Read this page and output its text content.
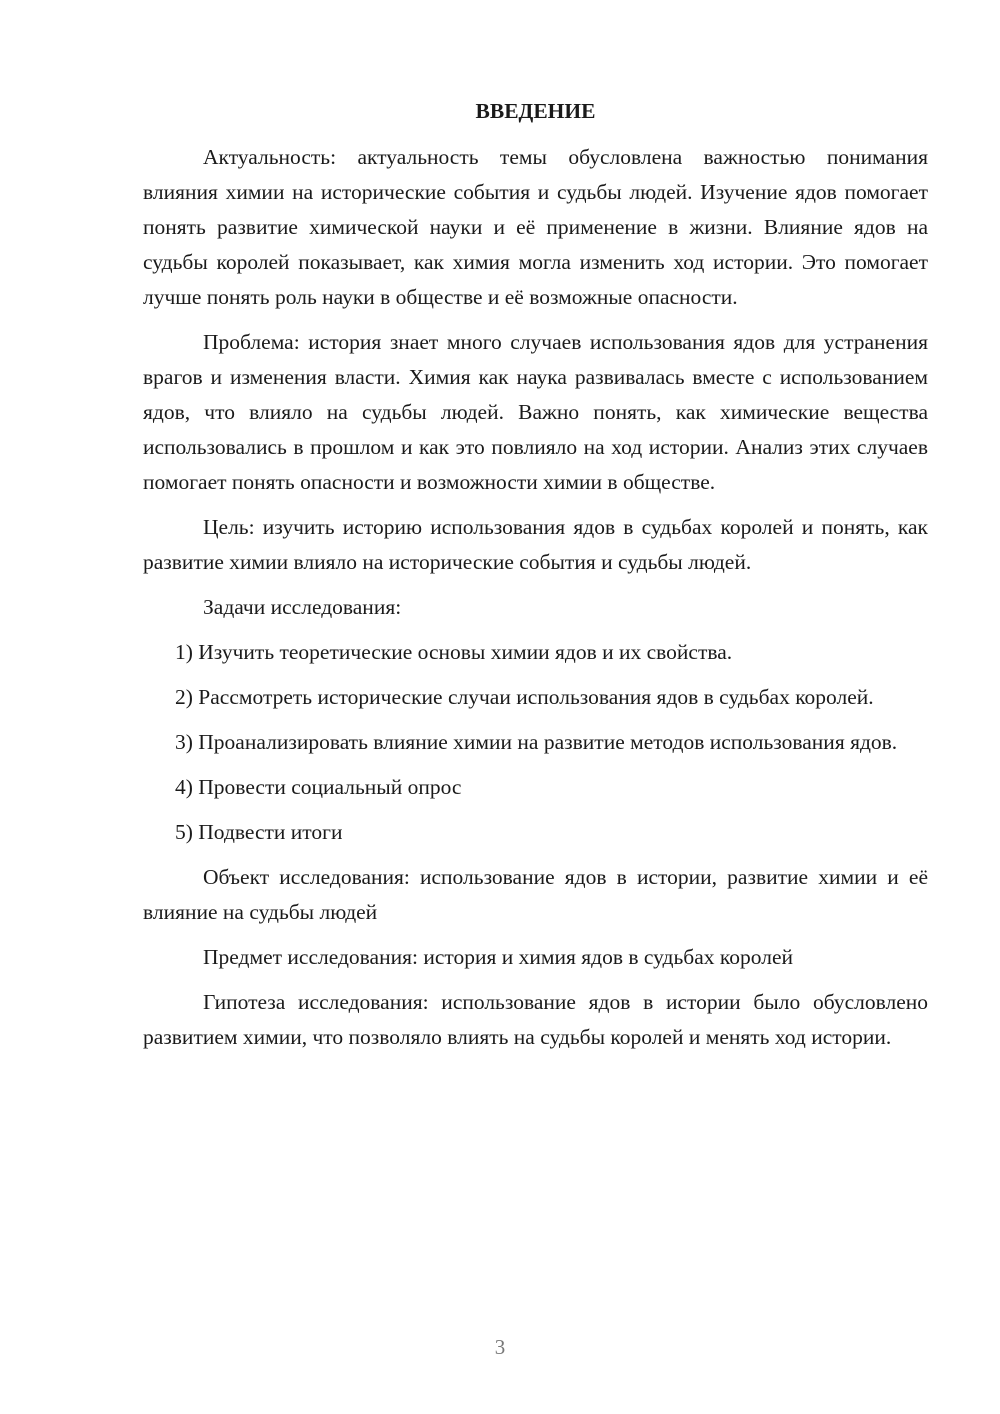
ВВЕДЕНИЕ

Актуальность: актуальность темы обусловлена важностью понимания влияния химии на исторические события и судьбы людей. Изучение ядов помогает понять развитие химической науки и её применение в жизни. Влияние ядов на судьбы королей показывает, как химия могла изменить ход истории. Это помогает лучше понять роль науки в обществе и её возможные опасности.

Проблема: история знает много случаев использования ядов для устранения врагов и изменения власти. Химия как наука развивалась вместе с использованием ядов, что влияло на судьбы людей. Важно понять, как химические вещества использовались в прошлом и как это повлияло на ход истории. Анализ этих случаев помогает понять опасности и возможности химии в обществе.

Цель: изучить историю использования ядов в судьбах королей и понять, как развитие химии влияло на исторические события и судьбы людей.

Задачи исследования:

1) Изучить теоретические основы химии ядов и их свойства.

2) Рассмотреть исторические случаи использования ядов в судьбах королей.

3) Проанализировать влияние химии на развитие методов использования ядов.

4) Провести социальный опрос

5) Подвести итоги

Объект исследования: использование ядов в истории, развитие химии и её влияние на судьбы людей

Предмет исследования: история и химия ядов в судьбах королей

Гипотеза исследования: использование ядов в истории было обусловлено развитием химии, что позволяло влиять на судьбы королей и менять ход истории.

3
